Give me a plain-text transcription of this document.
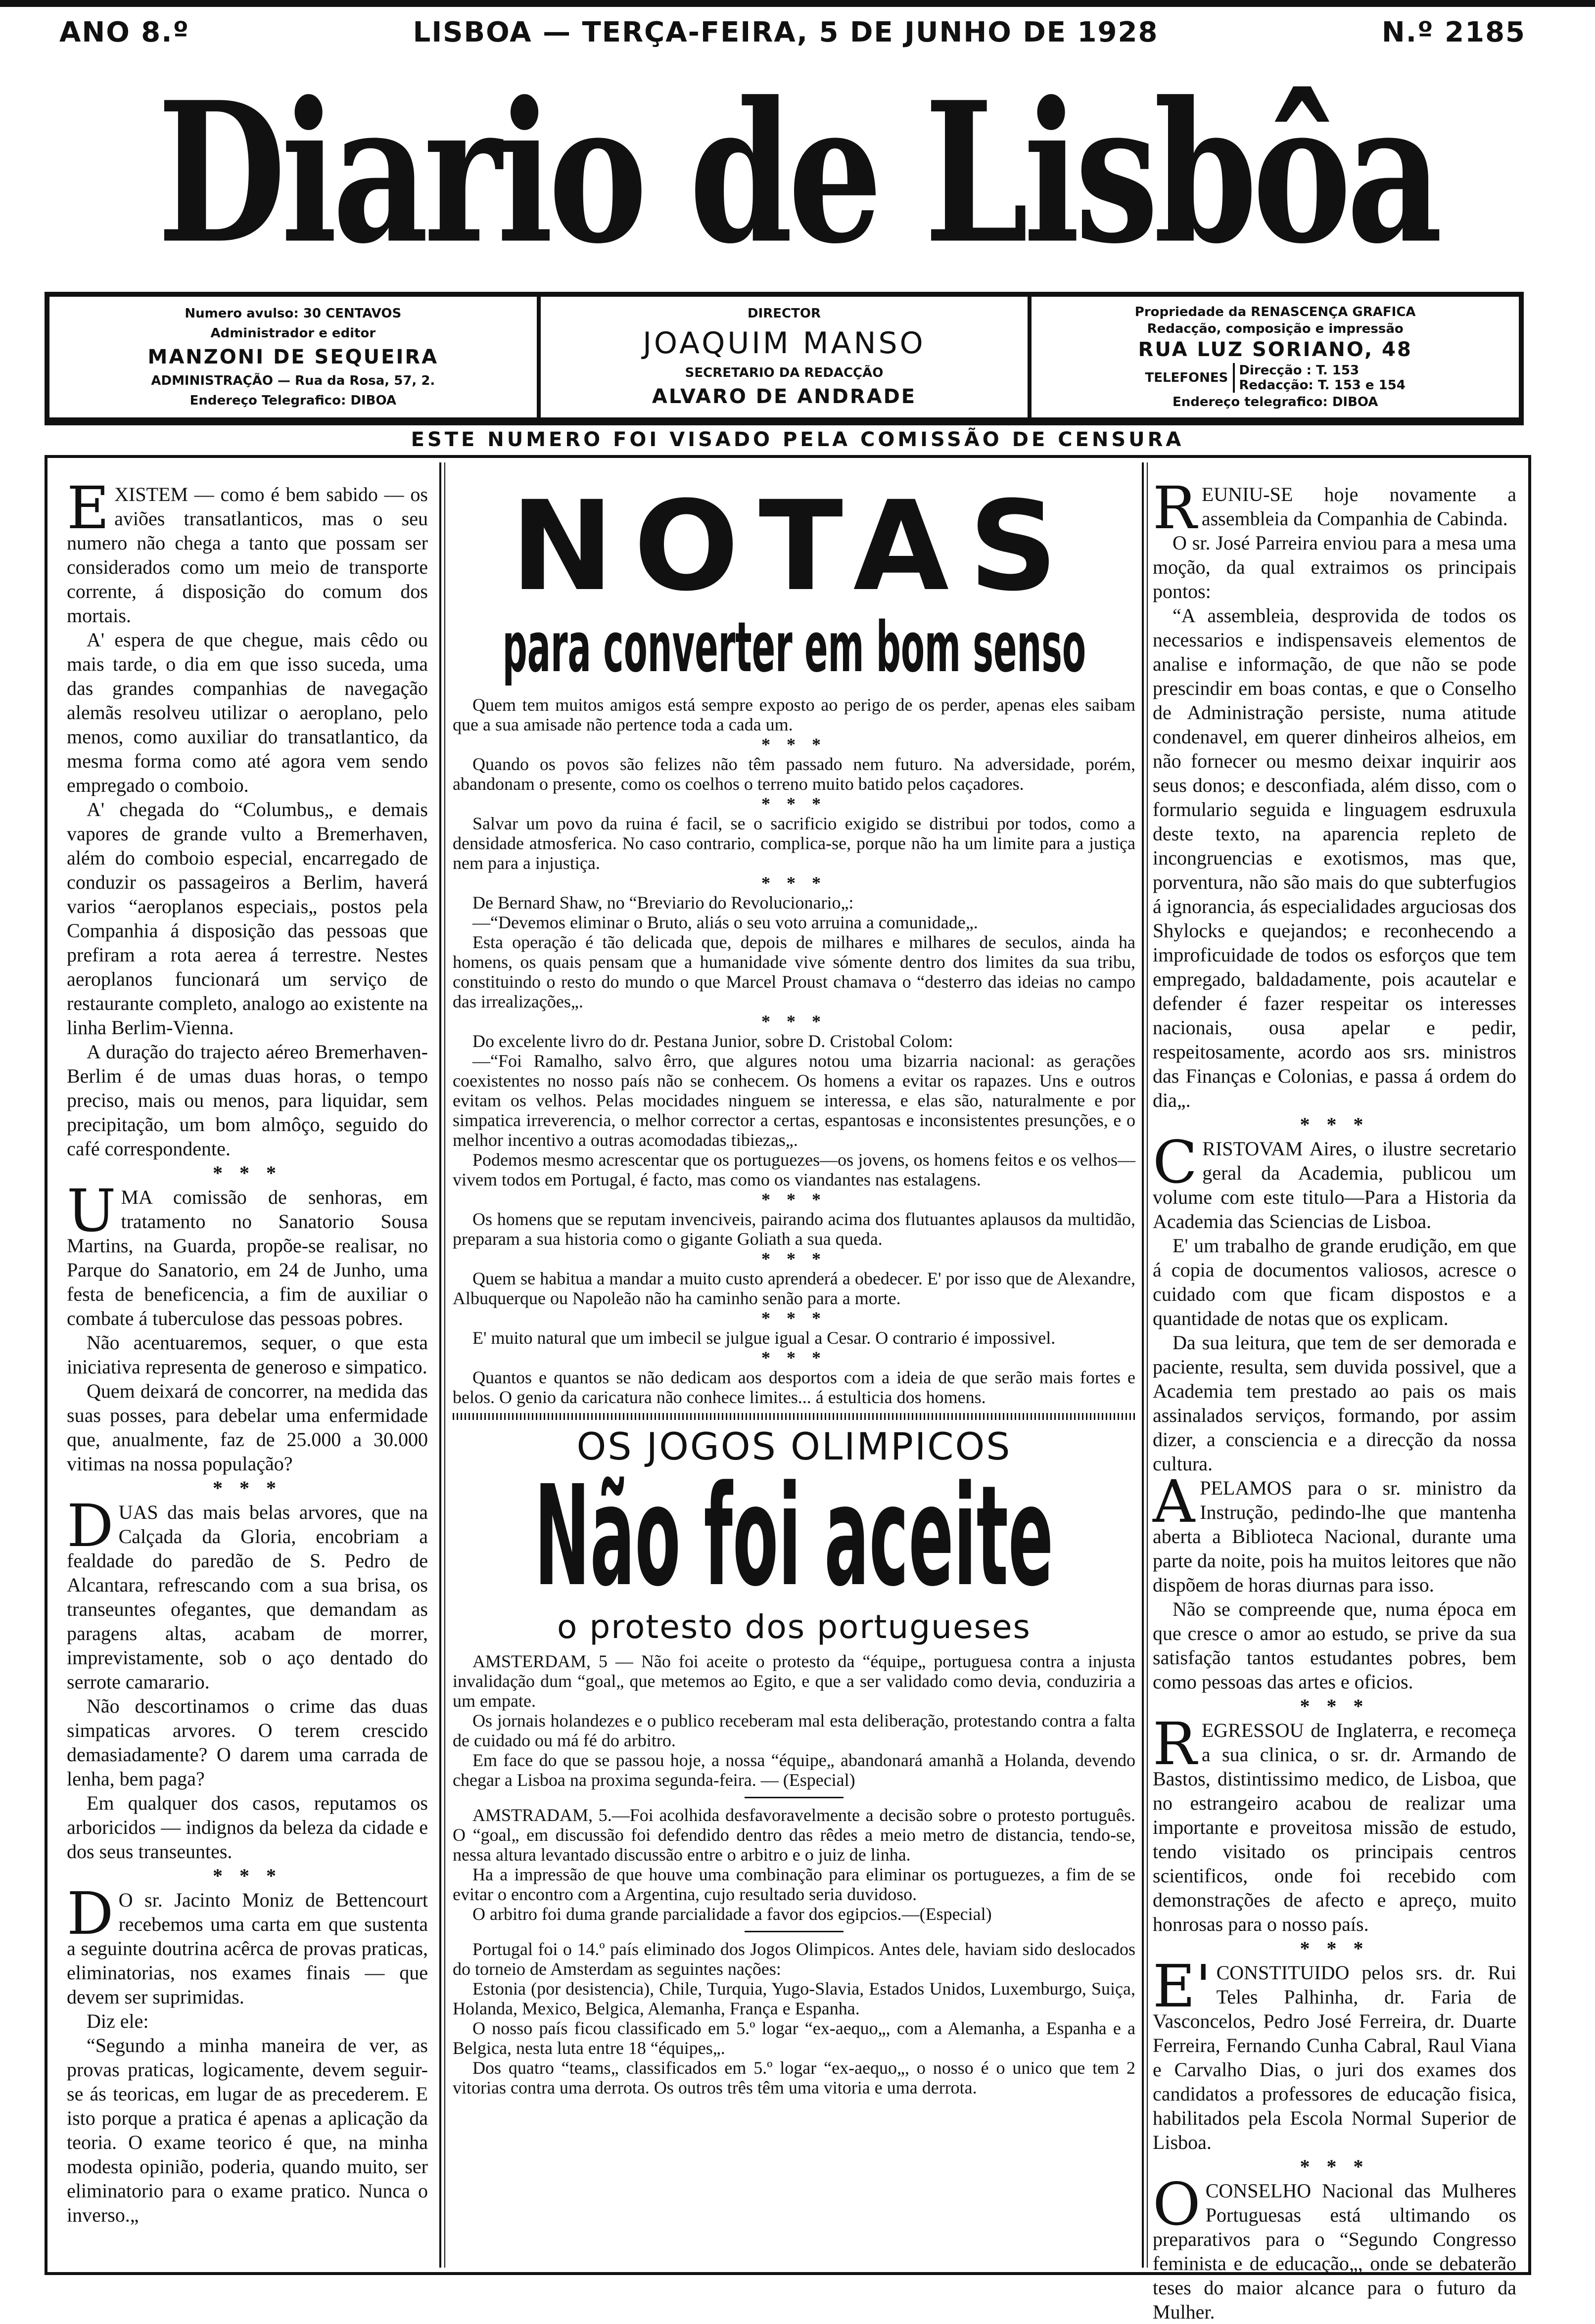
ANO 8.º	LISBOA — TERÇA-FEIRA, 5 DE JUNHO DE 1928	N.º 2185
Diario de Lisbôa
Numero avulso: 30 CENTAVOS
Administrador e editor
MANZONI DE SEQUEIRA
ADMINISTRAÇÃO — Rua da Rosa, 57, 2.
Endereço Telegrafico: DIBOA
DIRECTOR
JOAQUIM MANSO
SECRETARIO DA REDACÇÃO
ALVARO DE ANDRADE
Propriedade da RENASCENÇA GRAFICA
Redacção, composição e impressão
RUA LUZ SORIANO, 48
TELEFONES Direcção : T. 153
Redacção: T. 153 e 154
Endereço telegrafico: DIBOA
ESTE NUMERO FOI VISADO PELA COMISSÃO DE CENSURA

EXISTEM — como é bem sabido — os aviões transatlanticos, mas o seu numero não chega a tanto que possam ser considerados como um meio de transporte corrente, á disposição do comum dos mortais.

A' espera de que chegue, mais cêdo ou mais tarde, o dia em que isso suceda, uma das grandes companhias de navegação alemãs resolveu utilizar o aeroplano, pelo menos, como auxiliar do transatlantico, da mesma forma como até agora vem sendo empregado o comboio.

A' chegada do “Columbus„ e demais vapores de grande vulto a Bremerhaven, além do comboio especial, encarregado de conduzir os passageiros a Berlim, haverá varios “aeroplanos especiais„ postos pela Companhia á disposição das pessoas que prefiram a rota aerea á terrestre. Nestes aeroplanos funcionará um serviço de restaurante completo, analogo ao existente na linha Berlim-Vienna.

A duração do trajecto aéreo Bremerhaven-Berlim é de umas duas horas, o tempo preciso, mais ou menos, para liquidar, sem precipitação, um bom almôço, seguido do café correspondente.

* * *

UMA comissão de senhoras, em tratamento no Sanatorio Sousa Martins, na Guarda, propõe-se realisar, no Parque do Sanatorio, em 24 de Junho, uma festa de beneficencia, a fim de auxiliar o combate á tuberculose das pessoas pobres.

Não acentuaremos, sequer, o que esta iniciativa representa de generoso e simpatico.

Quem deixará de concorrer, na medida das suas posses, para debelar uma enfermidade que, anualmente, faz de 25.000 a 30.000 vitimas na nossa população?

* * *

DUAS das mais belas arvores, que na Calçada da Gloria, encobriam a fealdade do paredão de S. Pedro de Alcantara, refrescando com a sua brisa, os transeuntes ofegantes, que demandam as paragens altas, acabam de morrer, imprevistamente, sob o aço dentado do serrote camarario.

Não descortinamos o crime das duas simpaticas arvores. O terem crescido demasiadamente? O darem uma carrada de lenha, bem paga?

Em qualquer dos casos, reputamos os arboricidos — indignos da beleza da cidade e dos seus transeuntes.

* * *

D O sr. Jacinto Moniz de Bettencourt recebemos uma carta em que sustenta a seguinte doutrina acêrca de provas praticas, eliminatorias, nos exames finais — que devem ser suprimidas.

Diz ele:

“Segundo a minha maneira de ver, as provas praticas, logicamente, devem seguir-se ás teoricas, em lugar de as precederem. E isto porque a pratica é apenas a aplicação da teoria. O exame teorico é que, na minha modesta opinião, poderia, quando muito, ser eliminatorio para o exame pratico. Nunca o inverso.„

NOTAS
para converter em bom senso

Quem tem muitos amigos está sempre exposto ao perigo de os perder, apenas eles saibam que a sua amisade não pertence toda a cada um.

* * *

Quando os povos são felizes não têm passado nem futuro. Na adversidade, porém, abandonam o presente, como os coelhos o terreno muito batido pelos caçadores.

* * *

Salvar um povo da ruina é facil, se o sacrificio exigido se distribui por todos, como a densidade atmosferica. No caso contrario, complica-se, porque não ha um limite para a justiça nem para a injustiça.

* * *

De Bernard Shaw, no “Breviario do Revolucionario„:

—“Devemos eliminar o Bruto, aliás o seu voto arruina a comunidade„.

Esta operação é tão delicada que, depois de milhares e milhares de seculos, ainda ha homens, os quais pensam que a humanidade vive sómente dentro dos limites da sua tribu, constituindo o resto do mundo o que Marcel Proust chamava o “desterro das ideias no campo das irrealizações„.

* * *

Do excelente livro do dr. Pestana Junior, sobre D. Cristobal Colom:

—“Foi Ramalho, salvo êrro, que algures notou uma bizarria nacional: as gerações coexistentes no nosso país não se conhecem. Os homens a evitar os rapazes. Uns e outros evitam os velhos. Pelas mocidades ninguem se interessa, e elas são, naturalmente e por simpatica irreverencia, o melhor corrector a certas, espantosas e inconsistentes presunções, e o melhor incentivo a outras acomodadas tibiezas„.

Podemos mesmo acrescentar que os portuguezes—os jovens, os homens feitos e os velhos—vivem todos em Portugal, é facto, mas como os viandantes nas estalagens.

* * *

Os homens que se reputam invenciveis, pairando acima dos flutuantes aplausos da multidão, preparam a sua historia como o gigante Goliath a sua queda.

* * *

Quem se habitua a mandar a muito custo aprenderá a obedecer. E' por isso que de Alexandre, Albuquerque ou Napoleão não ha caminho senão para a morte.

* * *

E' muito natural que um imbecil se julgue igual a Cesar. O contrario é impossivel.

* * *

Quantos e quantos se não dedicam aos desportos com a ideia de que serão mais fortes e belos. O genio da caricatura não conhece limites... á estulticia dos homens.

OS JOGOS OLIMPICOS
Não foi aceite
o protesto dos portugueses

AMSTERDAM, 5 — Não foi aceite o protesto da “équipe„ portuguesa contra a injusta invalidação dum “goal„ que metemos ao Egito, e que a ser validado como devia, conduziria a um empate.

Os jornais holandezes e o publico receberam mal esta deliberação, protestando contra a falta de cuidado ou má fé do arbitro.

Em face do que se passou hoje, a nossa “équipe„ abandonará amanhã a Holanda, devendo chegar a Lisboa na proxima segunda-feira. — (Especial)

AMSTRADAM, 5.—Foi acolhida desfavoravelmente a decisão sobre o protesto português. O “goal„ em discussão foi defendido dentro das rêdes a meio metro de distancia, tendo-se, nessa altura levantado discussão entre o arbitro e o juiz de linha.

Ha a impressão de que houve uma combinação para eliminar os portuguezes, a fim de se evitar o encontro com a Argentina, cujo resultado seria duvidoso.

O arbitro foi duma grande parcialidade a favor dos egipcios.—(Especial)

Portugal foi o 14.º país eliminado dos Jogos Olimpicos. Antes dele, haviam sido deslocados do torneio de Amsterdam as seguintes nações:

Estonia (por desistencia), Chile, Turquia, Yugo-Slavia, Estados Unidos, Luxemburgo, Suiça, Holanda, Mexico, Belgica, Alemanha, França e Espanha.

O nosso país ficou classificado em 5.º logar “ex-aequo„, com a Alemanha, a Espanha e a Belgica, nesta luta entre 18 “équipes„.

Dos quatro “teams„ classificados em 5.º logar “ex-aequo„, o nosso é o unico que tem 2 vitorias contra uma derrota. Os outros três têm uma vitoria e uma derrota.

REUNIU-SE hoje novamente a assembleia da Companhia de Cabinda.

O sr. José Parreira enviou para a mesa uma moção, da qual extraimos os principais pontos:

“A assembleia, desprovida de todos os necessarios e indispensaveis elementos de analise e informação, de que não se pode prescindir em boas contas, e que o Conselho de Administração persiste, numa atitude condenavel, em querer dinheiros alheios, em não fornecer ou mesmo deixar inquirir aos seus donos; e desconfiada, além disso, com o formulario seguida e linguagem esdruxula deste texto, na aparencia repleto de incongruencias e exotismos, mas que, porventura, não são mais do que subterfugios á ignorancia, ás especialidades arguciosas dos Shylocks e quejandos; e reconhecendo a improficuidade de todos os esforços que tem empregado, baldadamente, pois acautelar e defender é fazer respeitar os interesses nacionais, ousa apelar e pedir, respeitosamente, acordo aos srs. ministros das Finanças e Colonias, e passa á ordem do dia„.

* * *

CRISTOVAM Aires, o ilustre secretario geral da Academia, publicou um volume com este titulo—Para a Historia da Academia das Sciencias de Lisboa.

E' um trabalho de grande erudição, em que á copia de documentos valiosos, acresce o cuidado com que ficam dispostos e a quantidade de notas que os explicam.

Da sua leitura, que tem de ser demorada e paciente, resulta, sem duvida possivel, que a Academia tem prestado ao pais os mais assinalados serviços, formando, por assim dizer, a consciencia e a direcção da nossa cultura.

APELAMOS para o sr. ministro da Instrução, pedindo-lhe que mantenha aberta a Biblioteca Nacional, durante uma parte da noite, pois ha muitos leitores que não dispõem de horas diurnas para isso.

Não se compreende que, numa época em que cresce o amor ao estudo, se prive da sua satisfação tantos estudantes pobres, bem como pessoas das artes e oficios.

* * *

REGRESSOU de Inglaterra, e recomeça a sua clinica, o sr. dr. Armando de Bastos, distintissimo medico, de Lisboa, que no estrangeiro acabou de realizar uma importante e proveitosa missão de estudo, tendo visitado os principais centros scientificos, onde foi recebido com demonstrações de afecto e apreço, muito honrosas para o nosso país.

* * *

E' CONSTITUIDO pelos srs. dr. Rui Teles Palhinha, dr. Faria de Vasconcelos, Pedro José Ferreira, dr. Duarte Ferreira, Fernando Cunha Cabral, Raul Viana e Carvalho Dias, o juri dos exames dos candidatos a professores de educação fisica, habilitados pela Escola Normal Superior de Lisboa.

* * *

OCONSELHO Nacional das Mulheres Portuguesas está ultimando os preparativos para o “Segundo Congresso feminista e de educação„, onde se debaterão teses do maior alcance para o futuro da Mulher.
